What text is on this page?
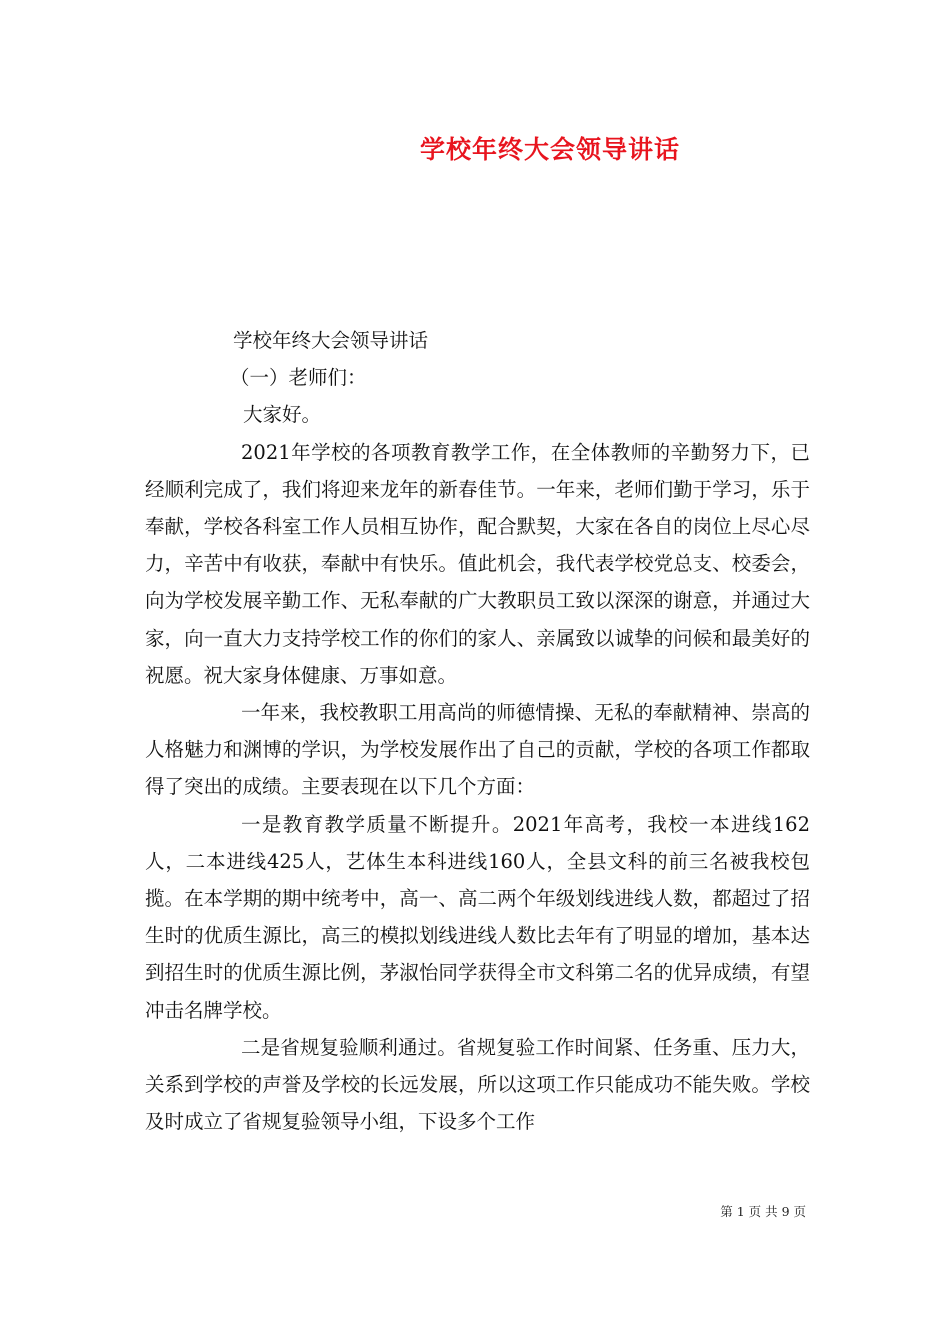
学校年终大会领导讲话

学校年终大会领导讲话

（一）老师们：

大家好。

2021年学校的各项教育教学工作，在全体教师的辛勤努力下，已经顺利完成了，我们将迎来龙年的新春佳节。一年来，老师们勤于学习，乐于奉献，学校各科室工作人员相互协作，配合默契，大家在各自的岗位上尽心尽力，辛苦中有收获，奉献中有快乐。值此机会，我代表学校党总支、校委会，向为学校发展辛勤工作、无私奉献的广大教职员工致以深深的谢意，并通过大家，向一直大力支持学校工作的你们的家人、亲属致以诚挚的问候和最美好的祝愿。祝大家身体健康、万事如意。

一年来，我校教职工用高尚的师德情操、无私的奉献精神、崇高的人格魅力和渊博的学识，为学校发展作出了自己的贡献，学校的各项工作都取得了突出的成绩。主要表现在以下几个方面：

一是教育教学质量不断提升。2021年高考，我校一本进线162人，二本进线425人，艺体生本科进线160人，全县文科的前三名被我校包揽。在本学期的期中统考中，高一、高二两个年级划线进线人数，都超过了招生时的优质生源比，高三的模拟划线进线人数比去年有了明显的增加，基本达到招生时的优质生源比例，茅淑怡同学获得全市文科第二名的优异成绩，有望冲击名牌学校。

二是省规复验顺利通过。省规复验工作时间紧、任务重、压力大，关系到学校的声誉及学校的长远发展，所以这项工作只能成功不能失败。学校及时成立了省规复验领导小组，下设多个工作

第 1 页 共 9 页
